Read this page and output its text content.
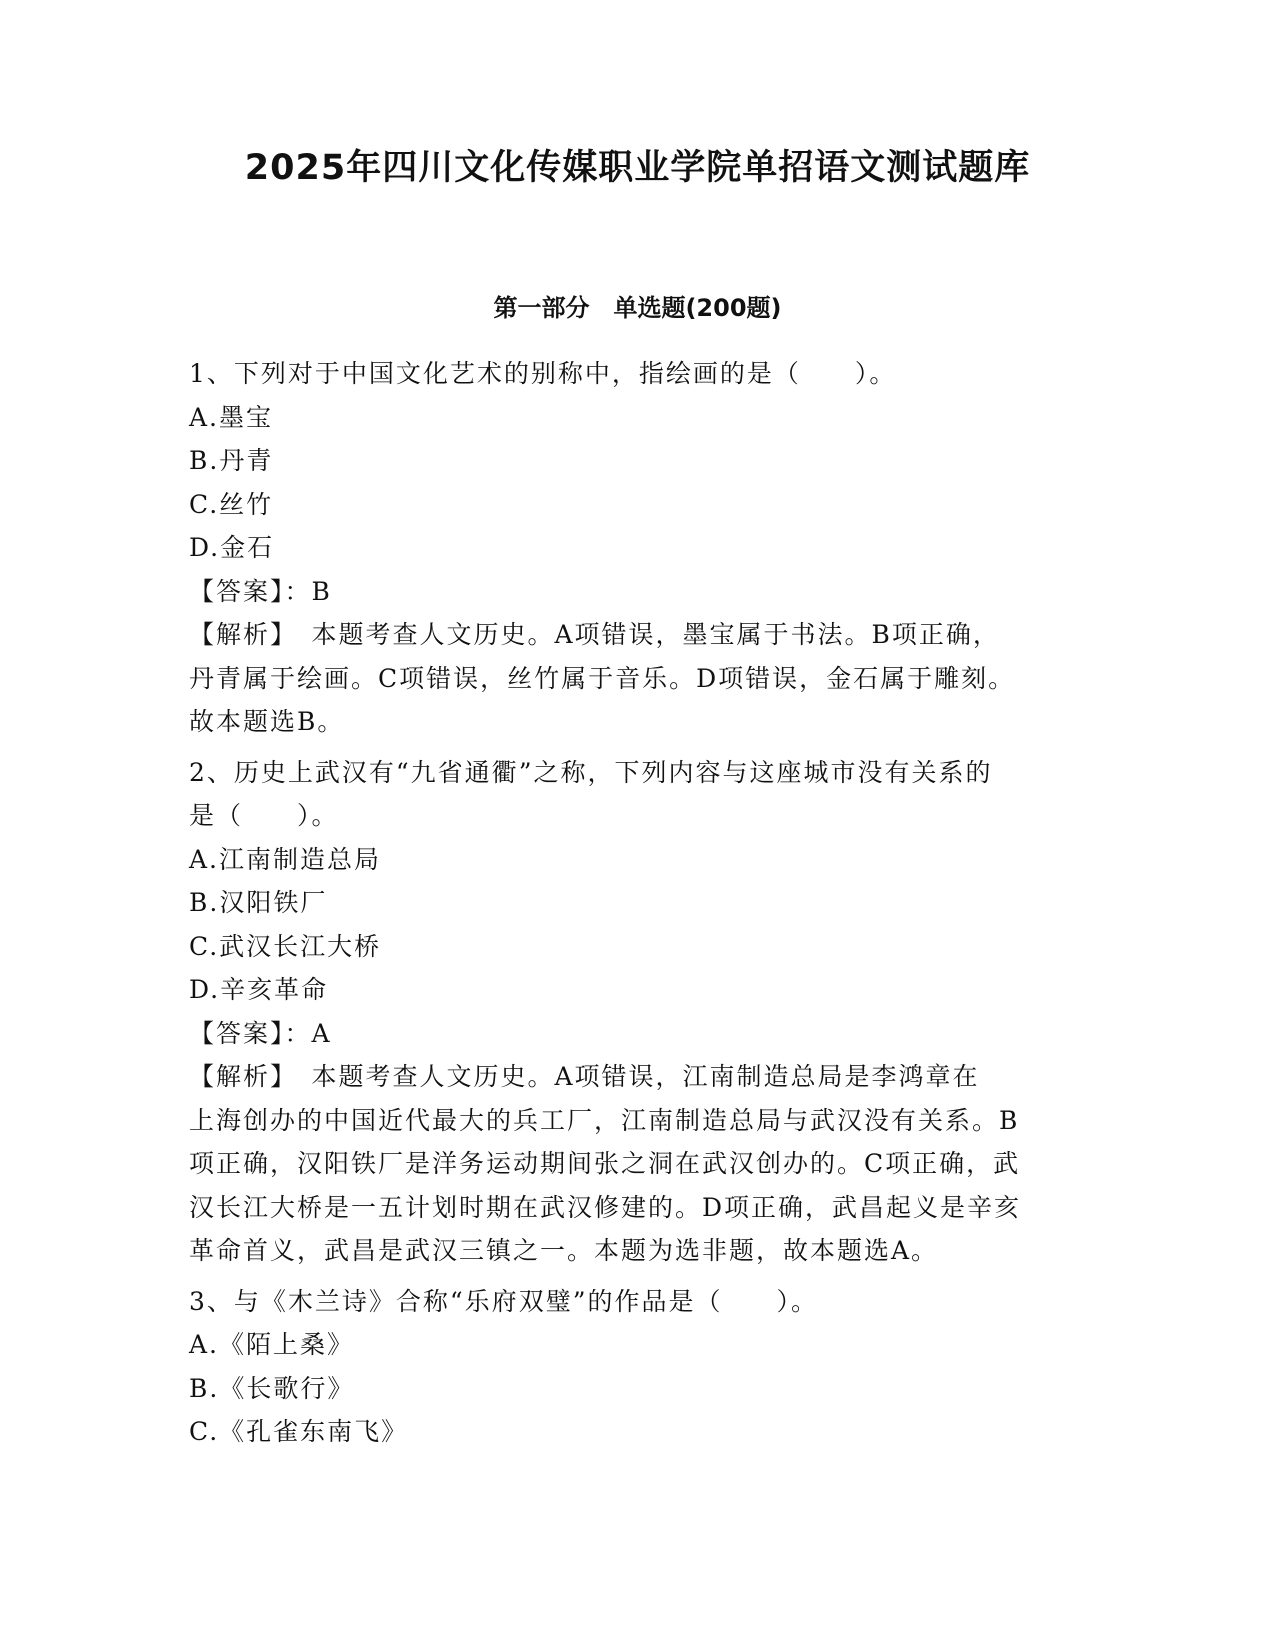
2025年四川文化传媒职业学院单招语文测试题库
第一部分　单选题(200题)
1、下列对于中国文化艺术的别称中，指绘画的是（　　）。
A.墨宝
B.丹青
C.丝竹
D.金石
【答案】：B
【解析】　本题考查人文历史。A项错误，墨宝属于书法。B项正确，
丹青属于绘画。C项错误，丝竹属于音乐。D项错误，金石属于雕刻。
故本题选B。
2、历史上武汉有“九省通衢”之称，下列内容与这座城市没有关系的
是（　　）。
A.江南制造总局
B.汉阳铁厂
C.武汉长江大桥
D.辛亥革命
【答案】：A
【解析】　本题考查人文历史。A项错误，江南制造总局是李鸿章在
上海创办的中国近代最大的兵工厂，江南制造总局与武汉没有关系。B
项正确，汉阳铁厂是洋务运动期间张之洞在武汉创办的。C项正确，武
汉长江大桥是一五计划时期在武汉修建的。D项正确，武昌起义是辛亥
革命首义，武昌是武汉三镇之一。本题为选非题，故本题选A。
3、与《木兰诗》合称“乐府双璧”的作品是（　　）。
A.《陌上桑》
B.《长歌行》
C.《孔雀东南飞》
